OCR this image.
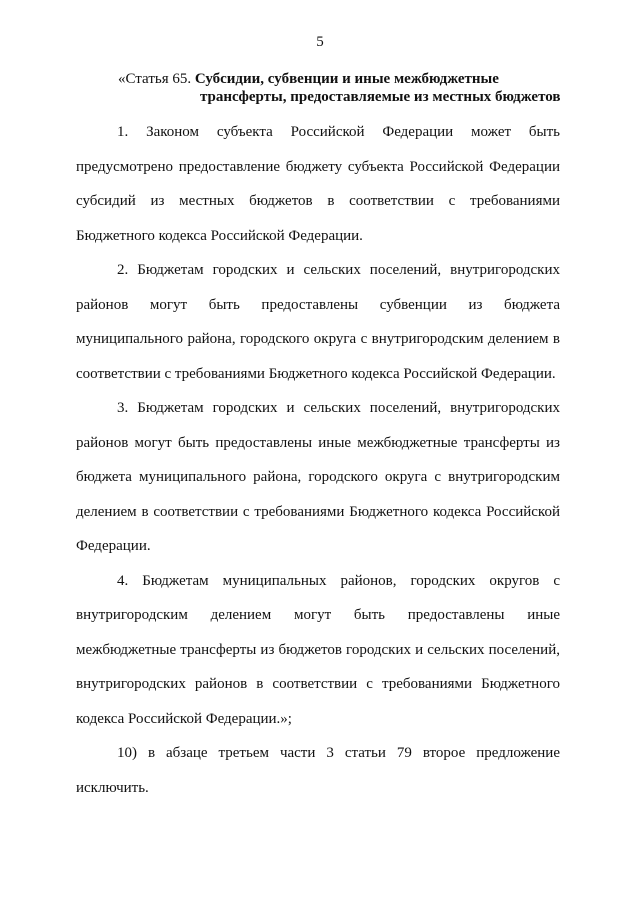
5
«Статья 65. Субсидии, субвенции и иные межбюджетные
трансферты, предоставляемые из местных бюджетов

1. Законом субъекта Российской Федерации может быть предусмотрено предоставление бюджету субъекта Российской Федерации субсидий из местных бюджетов в соответствии с требованиями Бюджетного кодекса Российской Федерации.

2. Бюджетам городских и сельских поселений, внутригородских районов могут быть предоставлены субвенции из бюджета муниципального района, городского округа с внутригородским делением в соответствии с требованиями Бюджетного кодекса Российской Федерации.

3. Бюджетам городских и сельских поселений, внутригородских районов могут быть предоставлены иные межбюджетные трансферты из бюджета муниципального района, городского округа с внутригородским делением в соответствии с требованиями Бюджетного кодекса Российской Федерации.

4. Бюджетам муниципальных районов, городских округов с внутригородским делением могут быть предоставлены иные межбюджетные трансферты из бюджетов городских и сельских поселений, внутригородских районов в соответствии с требованиями Бюджетного кодекса Российской Федерации.»;

10) в абзаце третьем части 3 статьи 79 второе предложение исключить.
